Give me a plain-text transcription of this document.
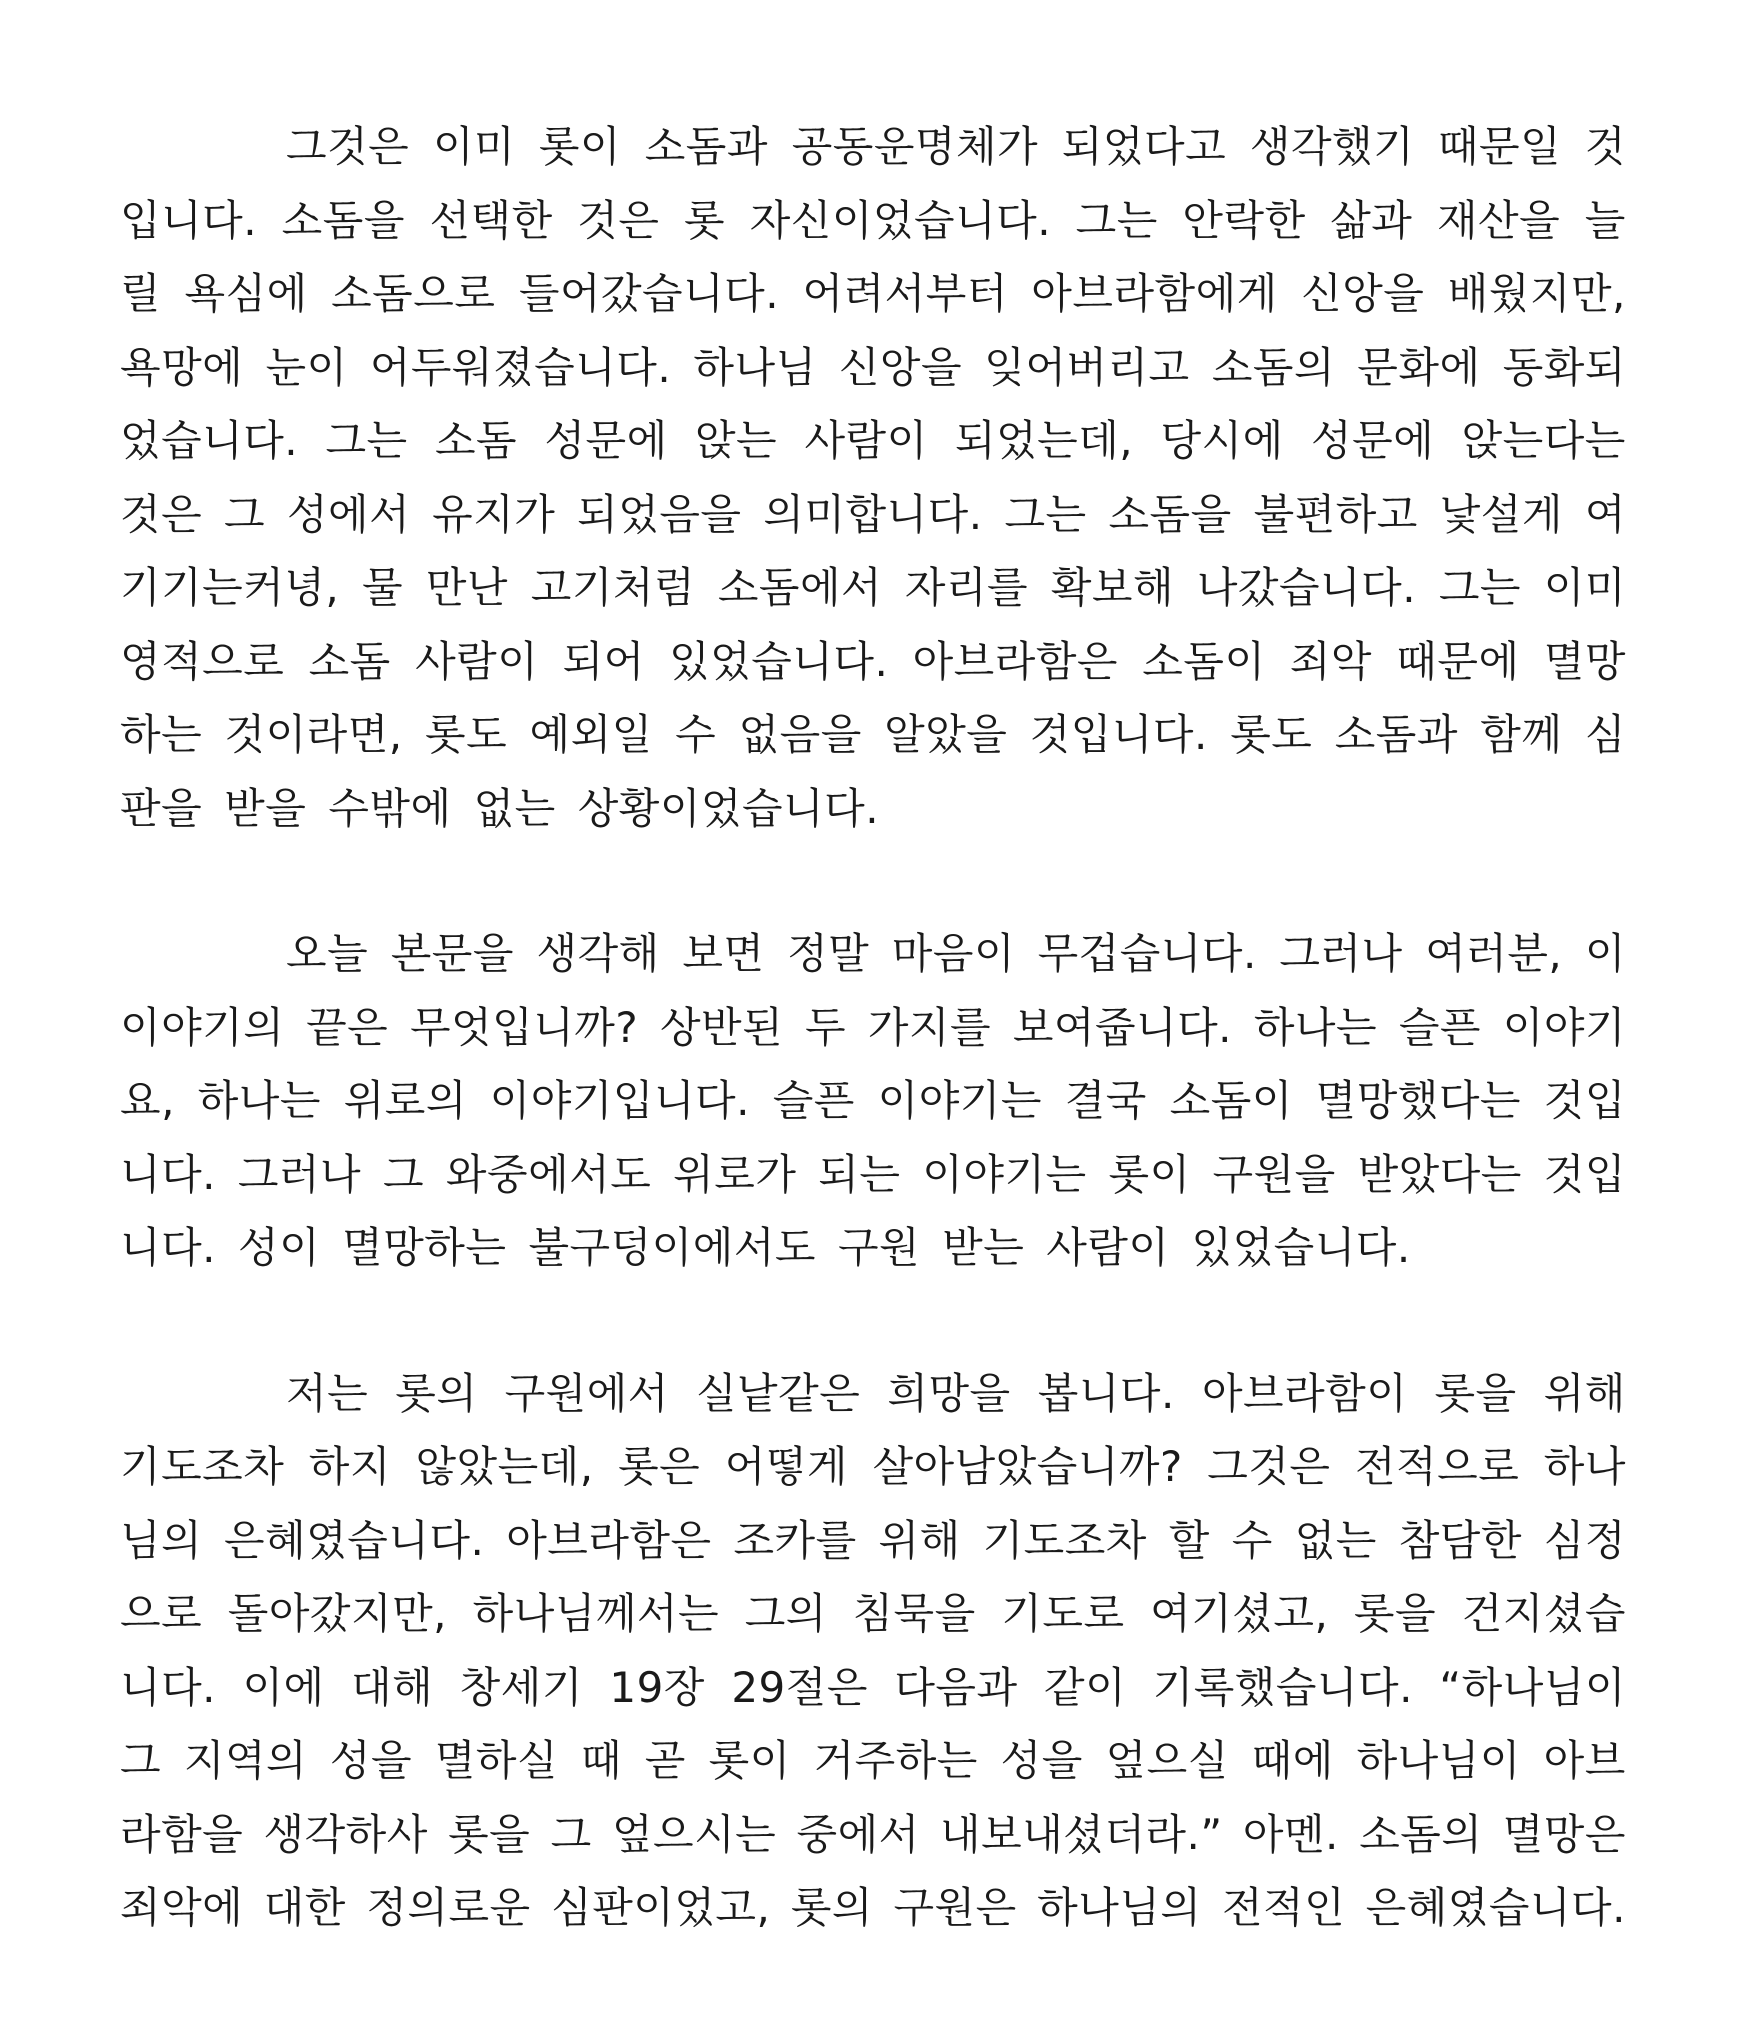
그것은 이미 롯이 소돔과 공동운명체가 되었다고 생각했기 때문일 것
입니다. 소돔을 선택한 것은 롯 자신이었습니다. 그는 안락한 삶과 재산을 늘
릴 욕심에 소돔으로 들어갔습니다. 어려서부터 아브라함에게 신앙을 배웠지만,
욕망에 눈이 어두워졌습니다. 하나님 신앙을 잊어버리고 소돔의 문화에 동화되
었습니다. 그는 소돔 성문에 앉는 사람이 되었는데, 당시에 성문에 앉는다는
것은 그 성에서 유지가 되었음을 의미합니다. 그는 소돔을 불편하고 낯설게 여
기기는커녕, 물 만난 고기처럼 소돔에서 자리를 확보해 나갔습니다. 그는 이미
영적으로 소돔 사람이 되어 있었습니다. 아브라함은 소돔이 죄악 때문에 멸망
하는 것이라면, 롯도 예외일 수 없음을 알았을 것입니다. 롯도 소돔과 함께 심
판을 받을 수밖에 없는 상황이었습니다.
오늘 본문을 생각해 보면 정말 마음이 무겁습니다. 그러나 여러분, 이
이야기의 끝은 무엇입니까? 상반된 두 가지를 보여줍니다. 하나는 슬픈 이야기
요, 하나는 위로의 이야기입니다. 슬픈 이야기는 결국 소돔이 멸망했다는 것입
니다. 그러나 그 와중에서도 위로가 되는 이야기는 롯이 구원을 받았다는 것입
니다. 성이 멸망하는 불구덩이에서도 구원 받는 사람이 있었습니다.
저는 롯의 구원에서 실낱같은 희망을 봅니다. 아브라함이 롯을 위해
기도조차 하지 않았는데, 롯은 어떻게 살아남았습니까? 그것은 전적으로 하나
님의 은혜였습니다. 아브라함은 조카를 위해 기도조차 할 수 없는 참담한 심정
으로 돌아갔지만, 하나님께서는 그의 침묵을 기도로 여기셨고, 롯을 건지셨습
니다. 이에 대해 창세기 19장 29절은 다음과 같이 기록했습니다. “하나님이
그 지역의 성을 멸하실 때 곧 롯이 거주하는 성을 엎으실 때에 하나님이 아브
라함을 생각하사 롯을 그 엎으시는 중에서 내보내셨더라.” 아멘. 소돔의 멸망은
죄악에 대한 정의로운 심판이었고, 롯의 구원은 하나님의 전적인 은혜였습니다.
